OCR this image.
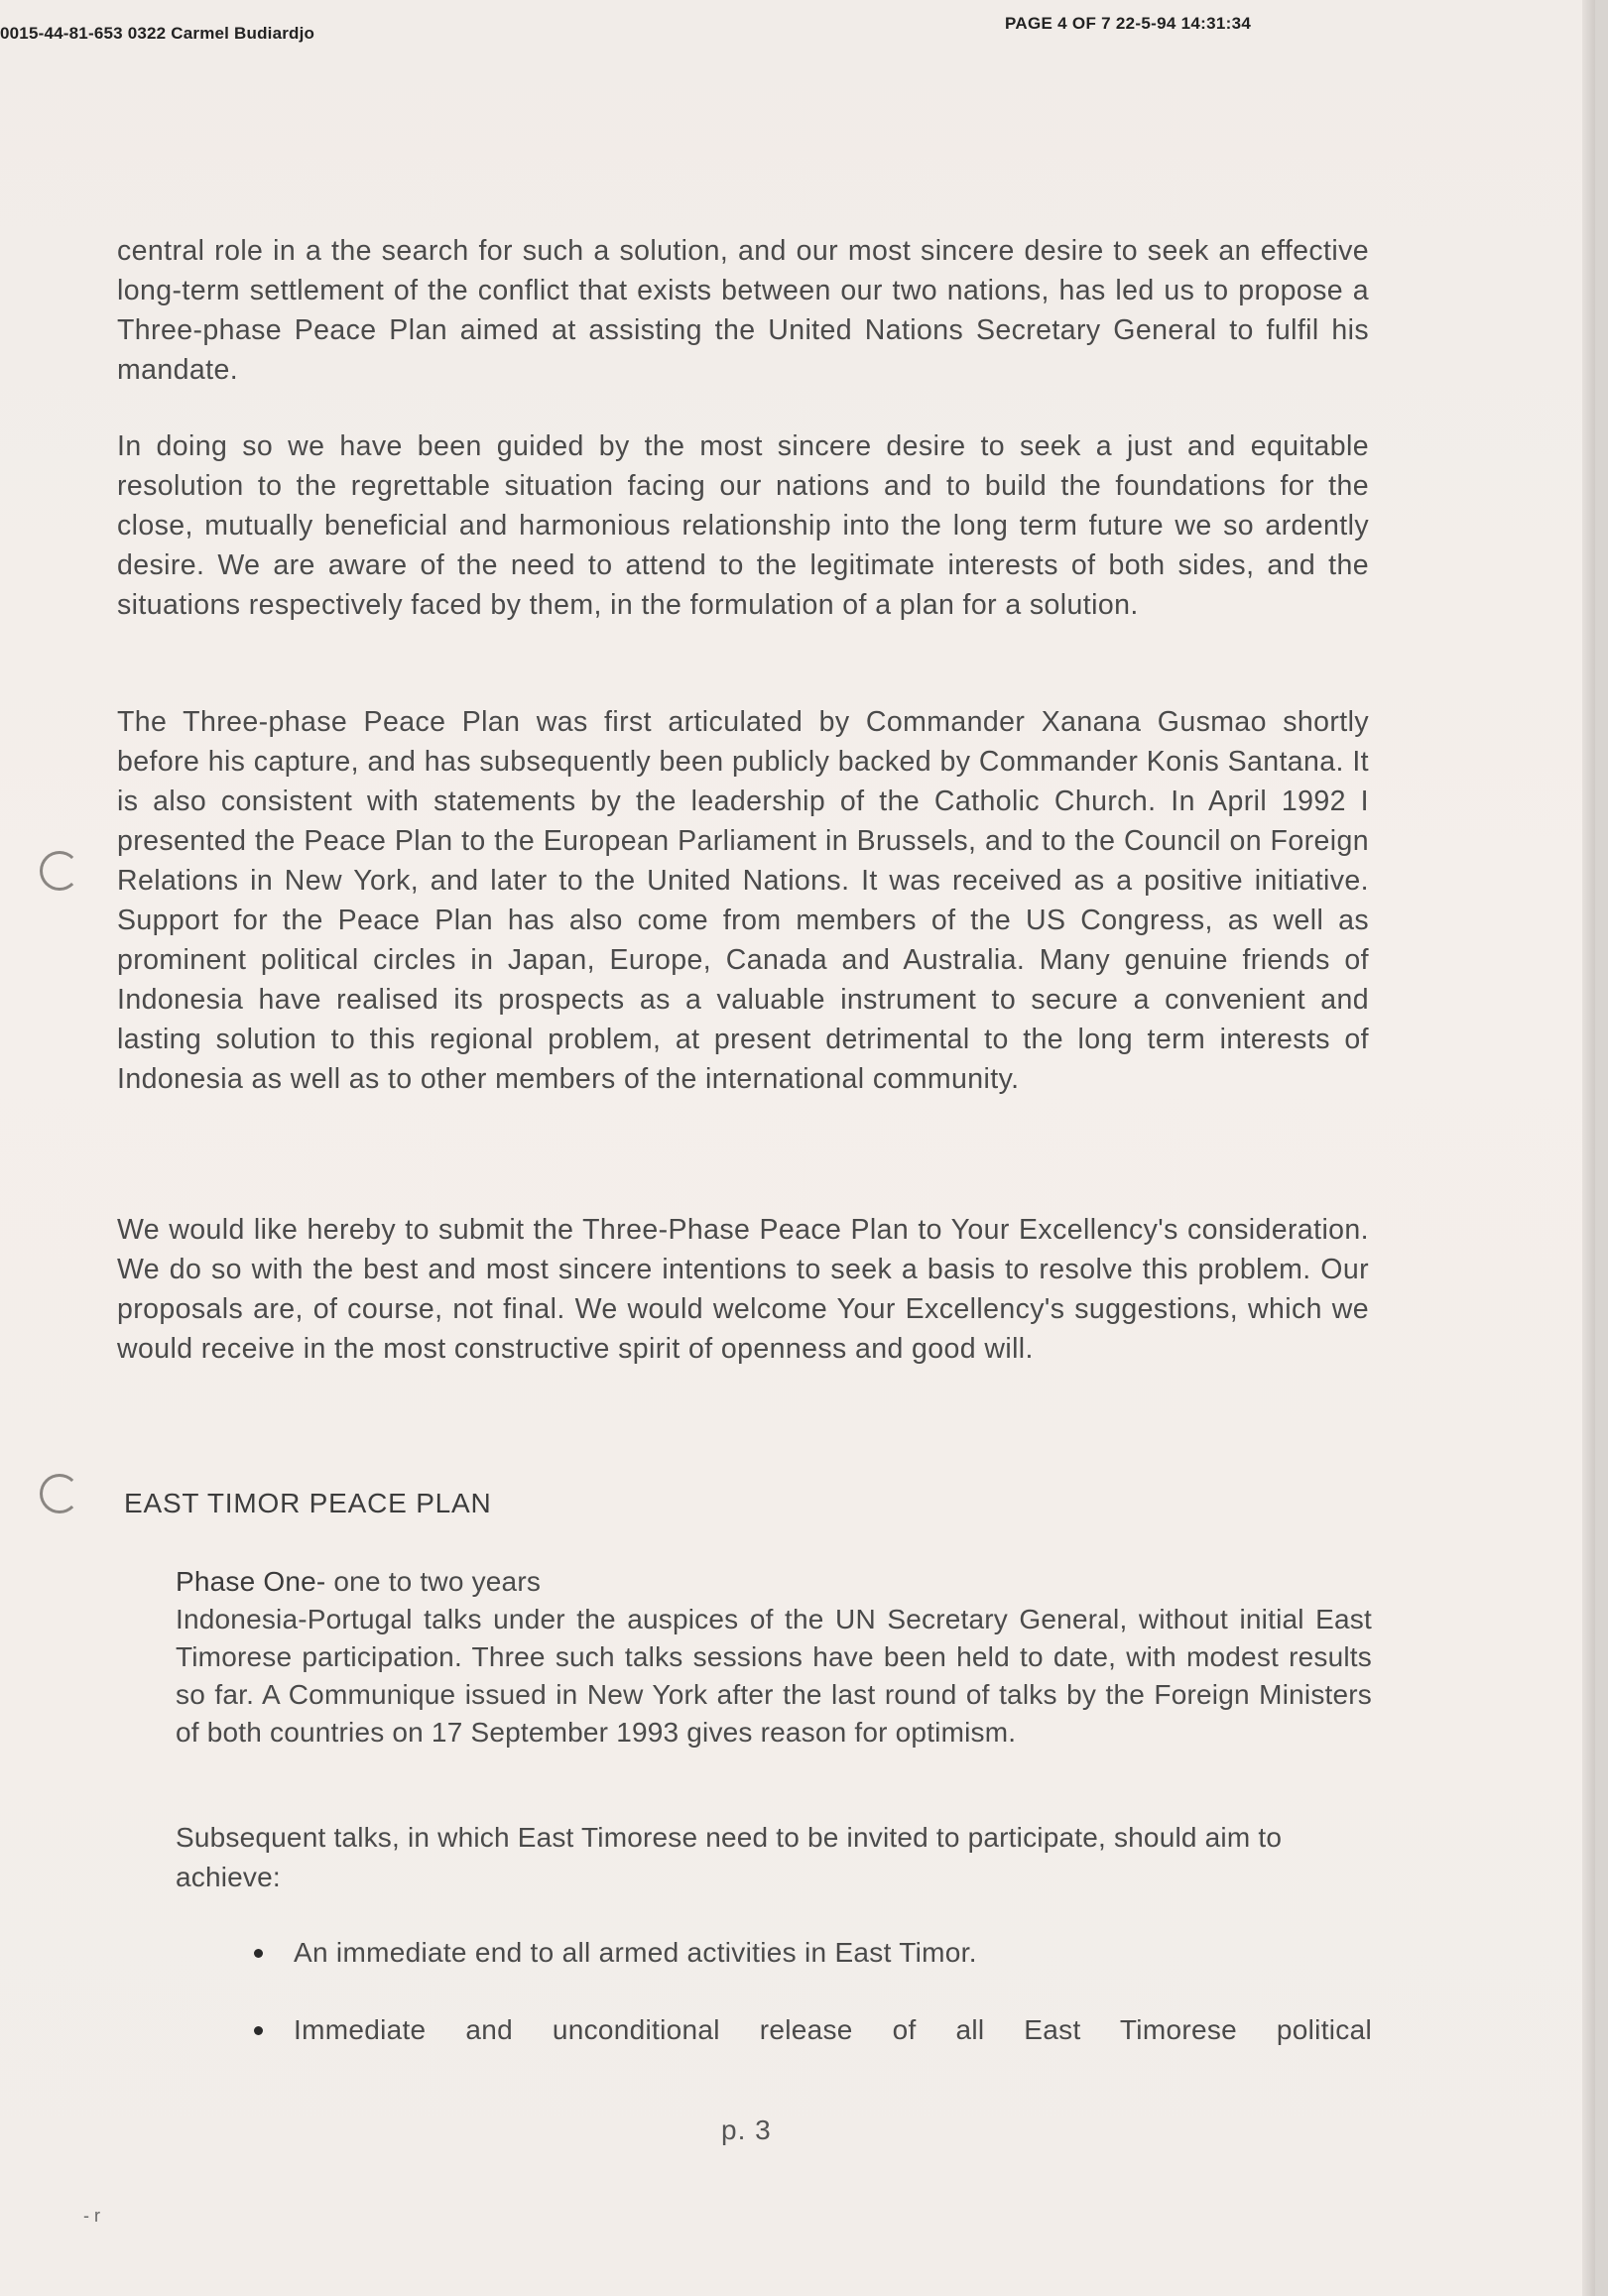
0015-44-81-653 0322 Carmel Budiardjo
PAGE 4 OF 7 22-5-94 14:31:34

central role in a the search for such a solution, and our most sincere desire to seek an effective long-term settlement of the conflict that exists between our two nations, has led us to propose a Three-phase Peace Plan aimed at assisting the United Nations Secretary General to fulfil his mandate.

In doing so we have been guided by the most sincere desire to seek a just and equitable resolution to the regrettable situation facing our nations and to build the foundations for the close, mutually beneficial and harmonious relationship into the long term future we so ardently desire. We are aware of the need to attend to the legitimate interests of both sides, and the situations respectively faced by them, in the formulation of a plan for a solution.

The Three-phase Peace Plan was first articulated by Commander Xanana Gusmao shortly before his capture, and has subsequently been publicly backed by Commander Konis Santana. It is also consistent with statements by the leadership of the Catholic Church. In April 1992 I presented the Peace Plan to the European Parliament in Brussels, and to the Council on Foreign Relations in New York, and later to the United Nations. It was received as a positive initiative. Support for the Peace Plan has also come from members of the US Congress, as well as prominent political circles in Japan, Europe, Canada and Australia. Many genuine friends of Indonesia have realised its prospects as a valuable instrument to secure a convenient and lasting solution to this regional problem, at present detrimental to the long term interests of Indonesia as well as to other members of the international community.

We would like hereby to submit the Three-Phase Peace Plan to Your Excellency's consideration. We do so with the best and most sincere intentions to seek a basis to resolve this problem. Our proposals are, of course, not final. We would welcome Your Excellency's suggestions, which we would receive in the most constructive spirit of openness and good will.

EAST TIMOR PEACE PLAN
Phase One- one to two years
Indonesia-Portugal talks under the auspices of the UN Secretary General, without initial East Timorese participation. Three such talks sessions have been held to date, with modest results so far. A Communique issued in New York after the last round of talks by the Foreign Ministers of both countries on 17 September 1993 gives reason for optimism.
Subsequent talks, in which East Timorese need to be invited to participate, should aim to achieve:
An immediate end to all armed activities in East Timor.
Immediate and unconditional release of all East Timorese political
p. 3
- r
